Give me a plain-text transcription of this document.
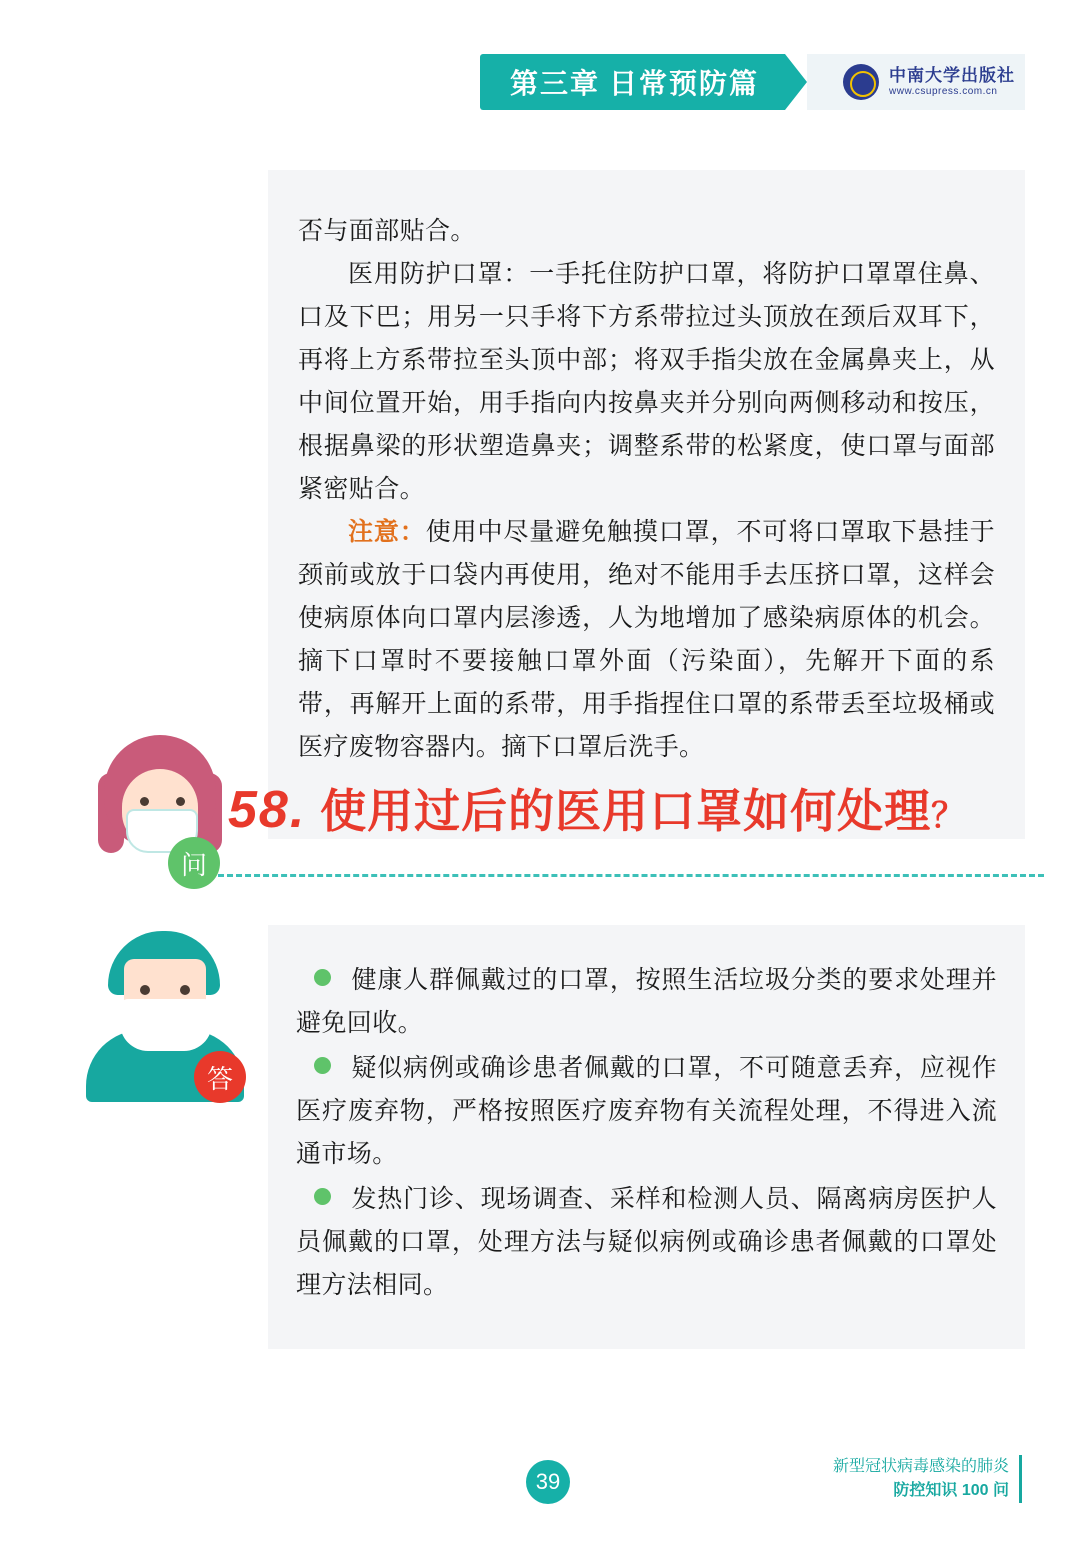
第三章 日常预防篇	中南大学出版社
www.csupress.com.cn

否与面部贴合。

医用防护口罩：一手托住防护口罩，将防护口罩罩住鼻、口及下巴；用另一只手将下方系带拉过头顶放在颈后双耳下，再将上方系带拉至头顶中部；将双手指尖放在金属鼻夹上，从中间位置开始，用手指向内按鼻夹并分别向两侧移动和按压，根据鼻梁的形状塑造鼻夹；调整系带的松紧度，使口罩与面部紧密贴合。

注意：使用中尽量避免触摸口罩，不可将口罩取下悬挂于颈前或放于口袋内再使用，绝对不能用手去压挤口罩，这样会使病原体向口罩内层渗透，人为地增加了感染病原体的机会。摘下口罩时不要接触口罩外面（污染面），先解开下面的系带，再解开上面的系带，用手指捏住口罩的系带丢至垃圾桶或医疗废物容器内。摘下口罩后洗手。

问
58. 使用过后的医用口罩如何处理？
答

健康人群佩戴过的口罩，按照生活垃圾分类的要求处理并避免回收。

疑似病例或确诊患者佩戴的口罩，不可随意丢弃，应视作医疗废弃物，严格按照医疗废弃物有关流程处理，不得进入流通市场。

发热门诊、现场调查、采样和检测人员、隔离病房医护人员佩戴的口罩，处理方法与疑似病例或确诊患者佩戴的口罩处理方法相同。

39
新型冠状病毒感染的肺炎
防控知识 100 问
